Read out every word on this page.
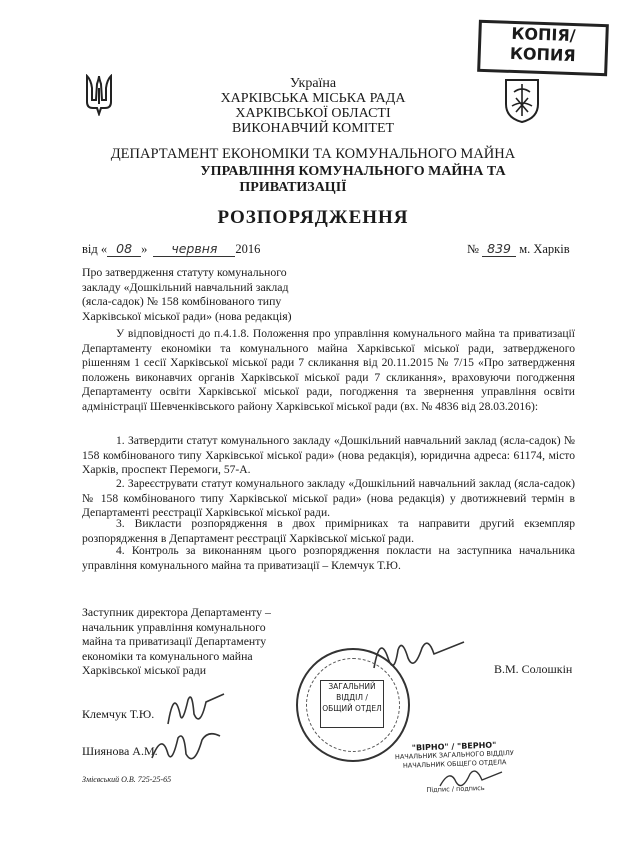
КОПІЯ/
КОПИЯ
Україна
ХАРКІВСЬКА МІСЬКА РАДА
ХАРКІВСЬКОЇ ОБЛАСТІ
ВИКОНАВЧИЙ КОМІТЕТ
ДЕПАРТАМЕНТ ЕКОНОМІКИ ТА КОМУНАЛЬНОГО МАЙНА
УПРАВЛІННЯ КОМУНАЛЬНОГО МАЙНА ТА
ПРИВАТИЗАЦІЇ
РОЗПОРЯДЖЕННЯ
від « 08 » червня 2016	№ 839 м. Харків
Про затвердження статуту комунального
закладу «Дошкільний навчальний заклад
(ясла-садок) № 158 комбінованого типу
Харківської міської ради» (нова редакція)
У відповідності до п.4.1.8. Положення про управління комунального майна та приватизації Департаменту економіки та комунального майна Харківської міської ради, затвердженого рішенням 1 сесії Харківської міської ради 7 скликання від 20.11.2015 № 7/15 «Про затвердження положень виконавчих органів Харківської міської ради 7 скликання», враховуючи погодження Департаменту освіти Харківської міської ради, погодження та звернення управління освіти адміністрації Шевченківського району Харківської міської ради (вх. № 4836 від 28.03.2016):
1. Затвердити статут комунального закладу «Дошкільний навчальний заклад (ясла-садок) № 158 комбінованого типу Харківської міської ради» (нова редакція), юридична адреса: 61174, місто Харків, проспект Перемоги, 57-А.
2. Зареєструвати статут комунального закладу «Дошкільний навчальний заклад (ясла-садок) № 158 комбінованого типу Харківської міської ради» (нова редакція) у двотижневий термін в Департаменті реєстрації Харківської міської ради.
3. Викласти розпорядження в двох примірниках та направити другий екземпляр розпорядження в Департамент реєстрації Харківської міської ради.
4. Контроль за виконанням цього розпорядження покласти на заступника начальника управління комунального майна та приватизації – Клемчук Т.Ю.
Заступник директора Департаменту –
начальник управління комунального
майна та приватизації Департаменту
економіки та комунального майна
Харківської міської ради	В.М. Солошкін
Клемчук Т.Ю.
Шиянова А.М.
Змієвський О.В. 725-25-65
ЗАГАЛЬНИЙ
ВІДДІЛ /
ОБЩИЙ ОТДЕЛ
"ВІРНО" / "ВЕРНО"
НАЧАЛЬНИК ЗАГАЛЬНОГО ВІДДІЛУ
НАЧАЛЬНИК ОБЩЕГО ОТДЕЛА
Підпис / подпись
